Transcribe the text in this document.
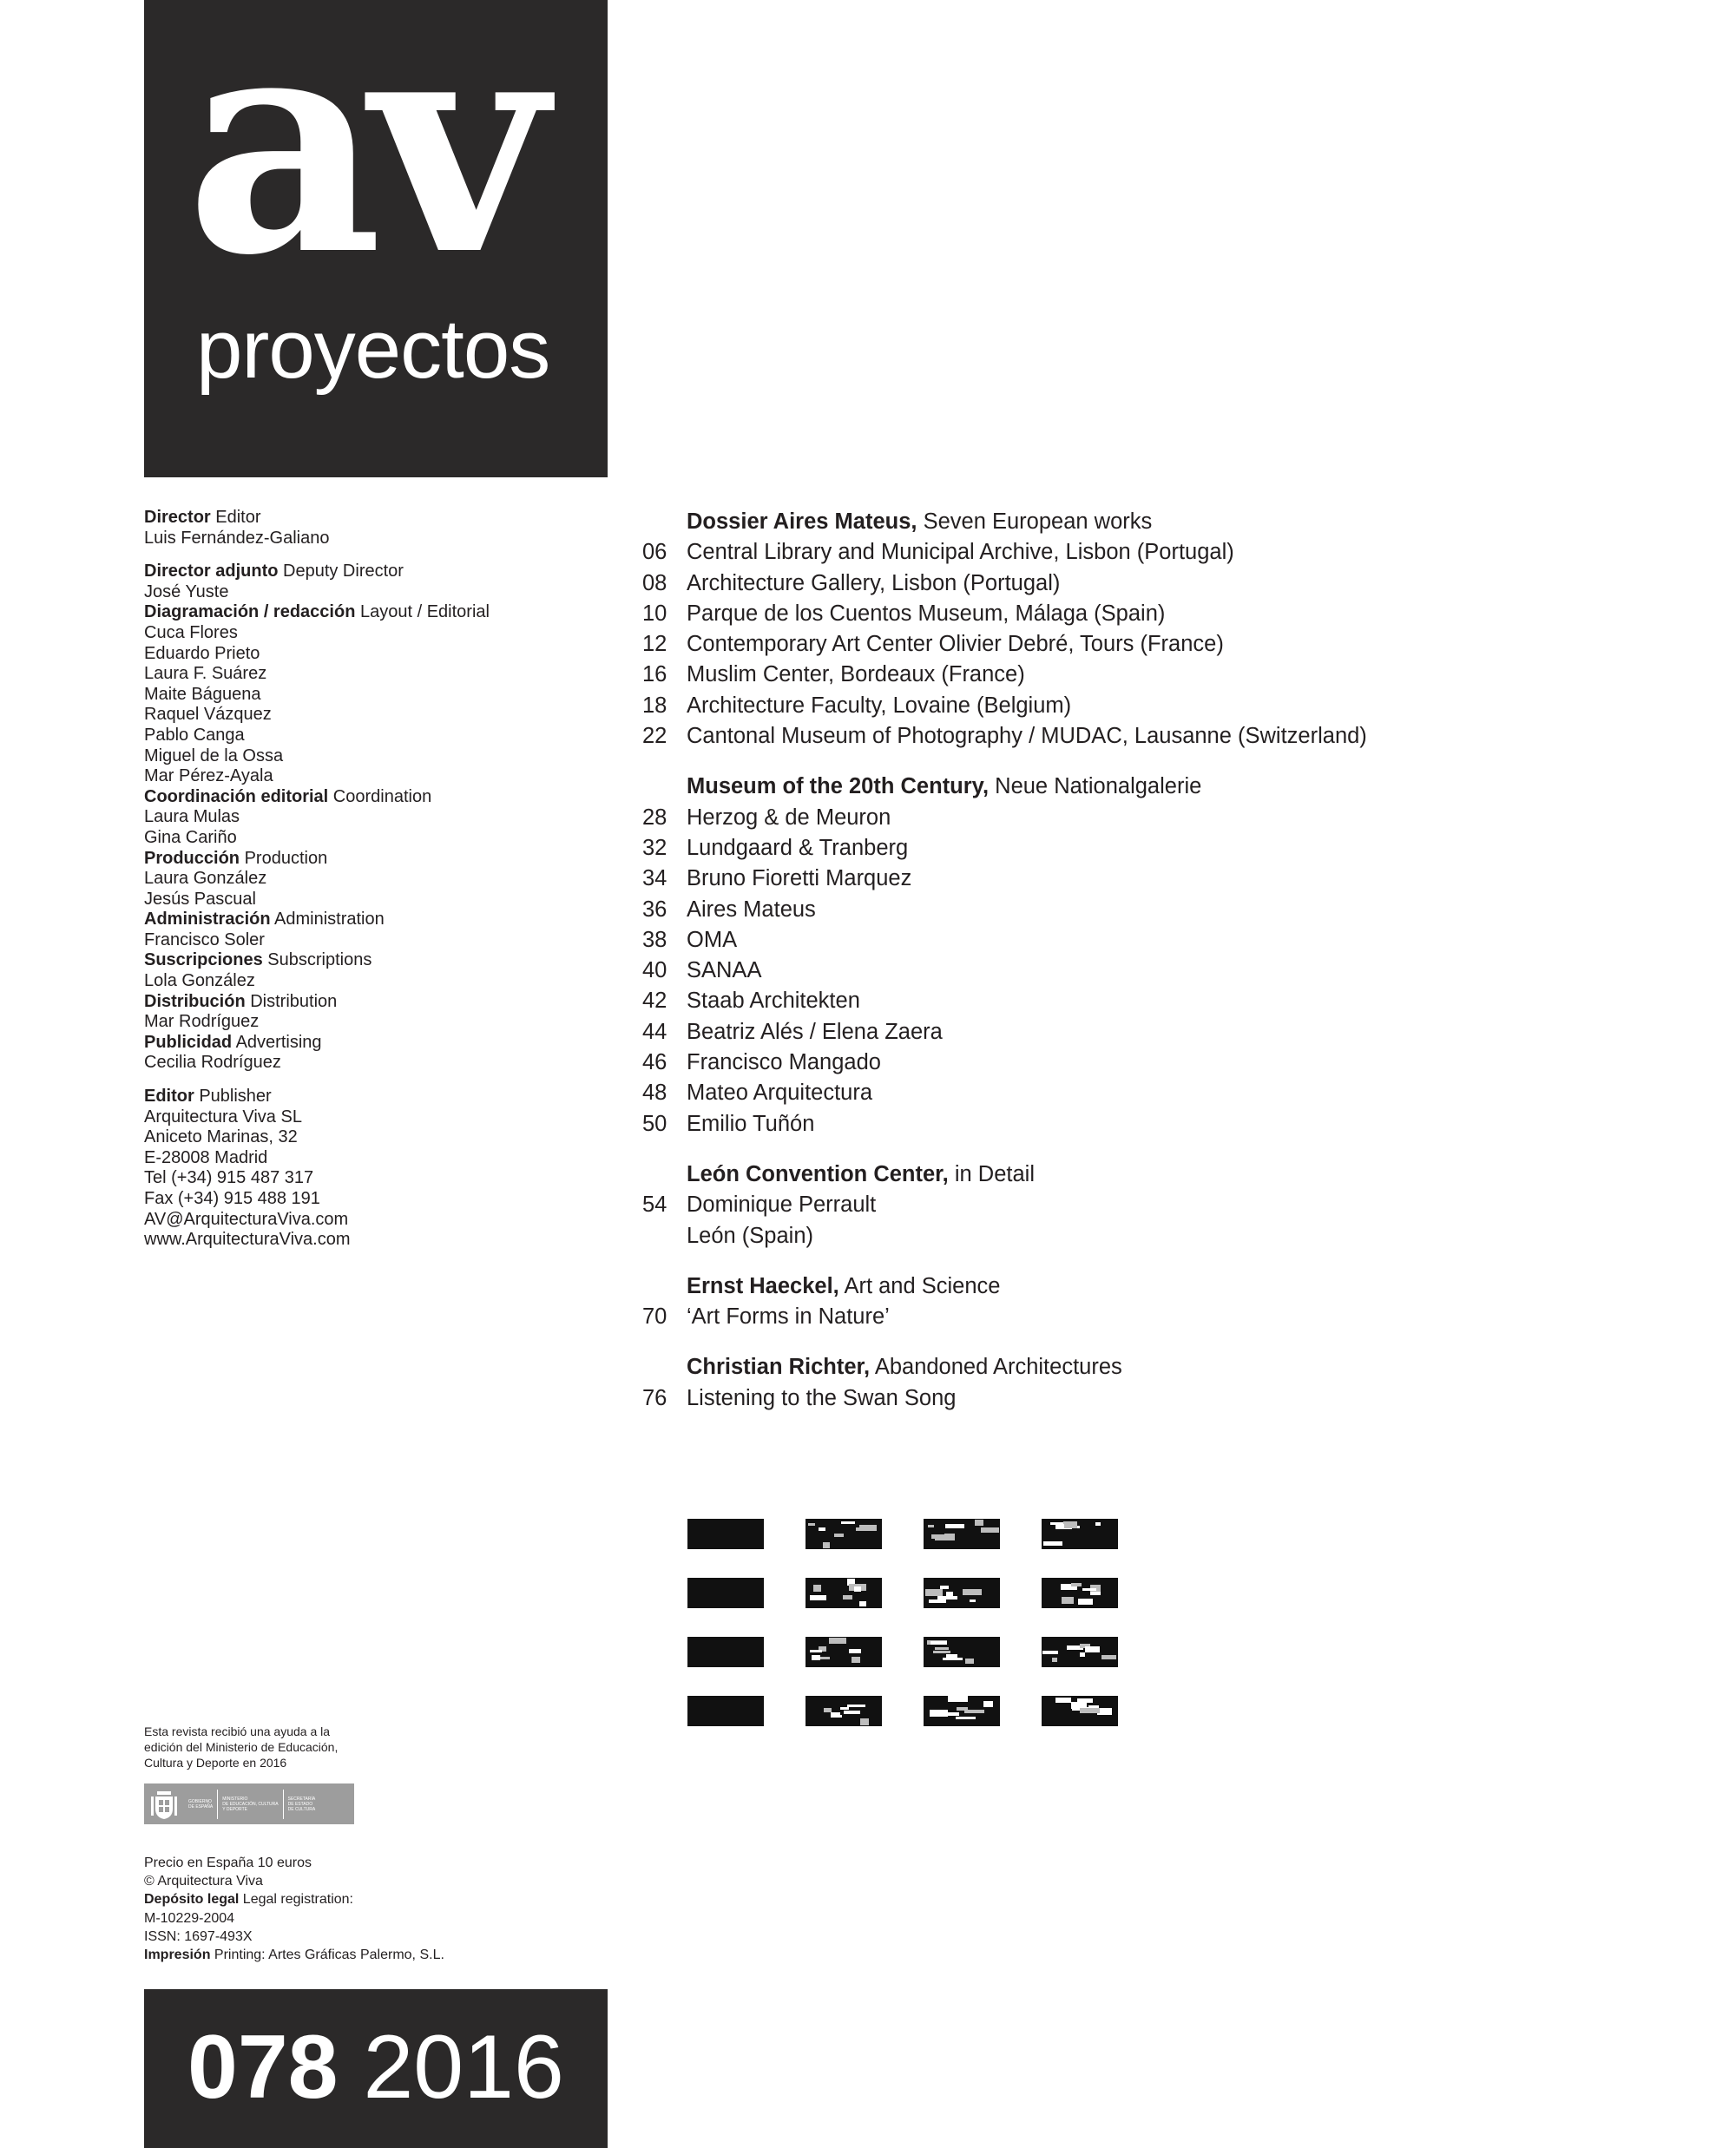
av
proyectos
Director Editor
Luis Fernández-Galiano
Director adjunto Deputy Director
José Yuste
Diagramación / redacción Layout / Editorial
Cuca Flores
Eduardo Prieto
Laura F. Suárez
Maite Báguena
Raquel Vázquez
Pablo Canga
Miguel de la Ossa
Mar Pérez-Ayala
Coordinación editorial Coordination
Laura Mulas
Gina Cariño
Producción Production
Laura González
Jesús Pascual
Administración Administration
Francisco Soler
Suscripciones Subscriptions
Lola González
Distribución Distribution
Mar Rodríguez
Publicidad Advertising
Cecilia Rodríguez
Editor Publisher
Arquitectura Viva SL
Aniceto Marinas, 32
E-28008 Madrid
Tel (+34) 915 487 317
Fax (+34) 915 488 191
AV@ArquitecturaViva.com
www.ArquitecturaViva.com
Dossier Aires Mateus, Seven European works
06 Central Library and Municipal Archive, Lisbon (Portugal)
08 Architecture Gallery, Lisbon (Portugal)
10 Parque de los Cuentos Museum, Málaga (Spain)
12 Contemporary Art Center Olivier Debré, Tours (France)
16 Muslim Center, Bordeaux (France)
18 Architecture Faculty, Lovaine (Belgium)
22 Cantonal Museum of Photography / MUDAC, Lausanne (Switzerland)
Museum of the 20th Century, Neue Nationalgalerie
28 Herzog & de Meuron
32 Lundgaard & Tranberg
34 Bruno Fioretti Marquez
36 Aires Mateus
38 OMA
40 SANAA
42 Staab Architekten
44 Beatriz Alés / Elena Zaera
46 Francisco Mangado
48 Mateo Arquitectura
50 Emilio Tuñón
León Convention Center, in Detail
54 Dominique Perrault
León (Spain)
Ernst Haeckel, Art and Science
70 ‘Art Forms in Nature’
Christian Richter, Abandoned Architectures
76 Listening to the Swan Song
Esta revista recibió una ayuda a la
edición del Ministerio de Educación,
Cultura y Deporte en 2016
GOBIERNO
DE ESPAÑA
MINISTERIO
DE EDUCACIÓN, CULTURA
Y DEPORTE
SECRETARÍA
DE ESTADO
DE CULTURA
Precio en España 10 euros
© Arquitectura Viva
Depósito legal Legal registration:
M-10229-2004
ISSN: 1697-493X
Impresión Printing: Artes Gráficas Palermo, S.L.
078 2016
